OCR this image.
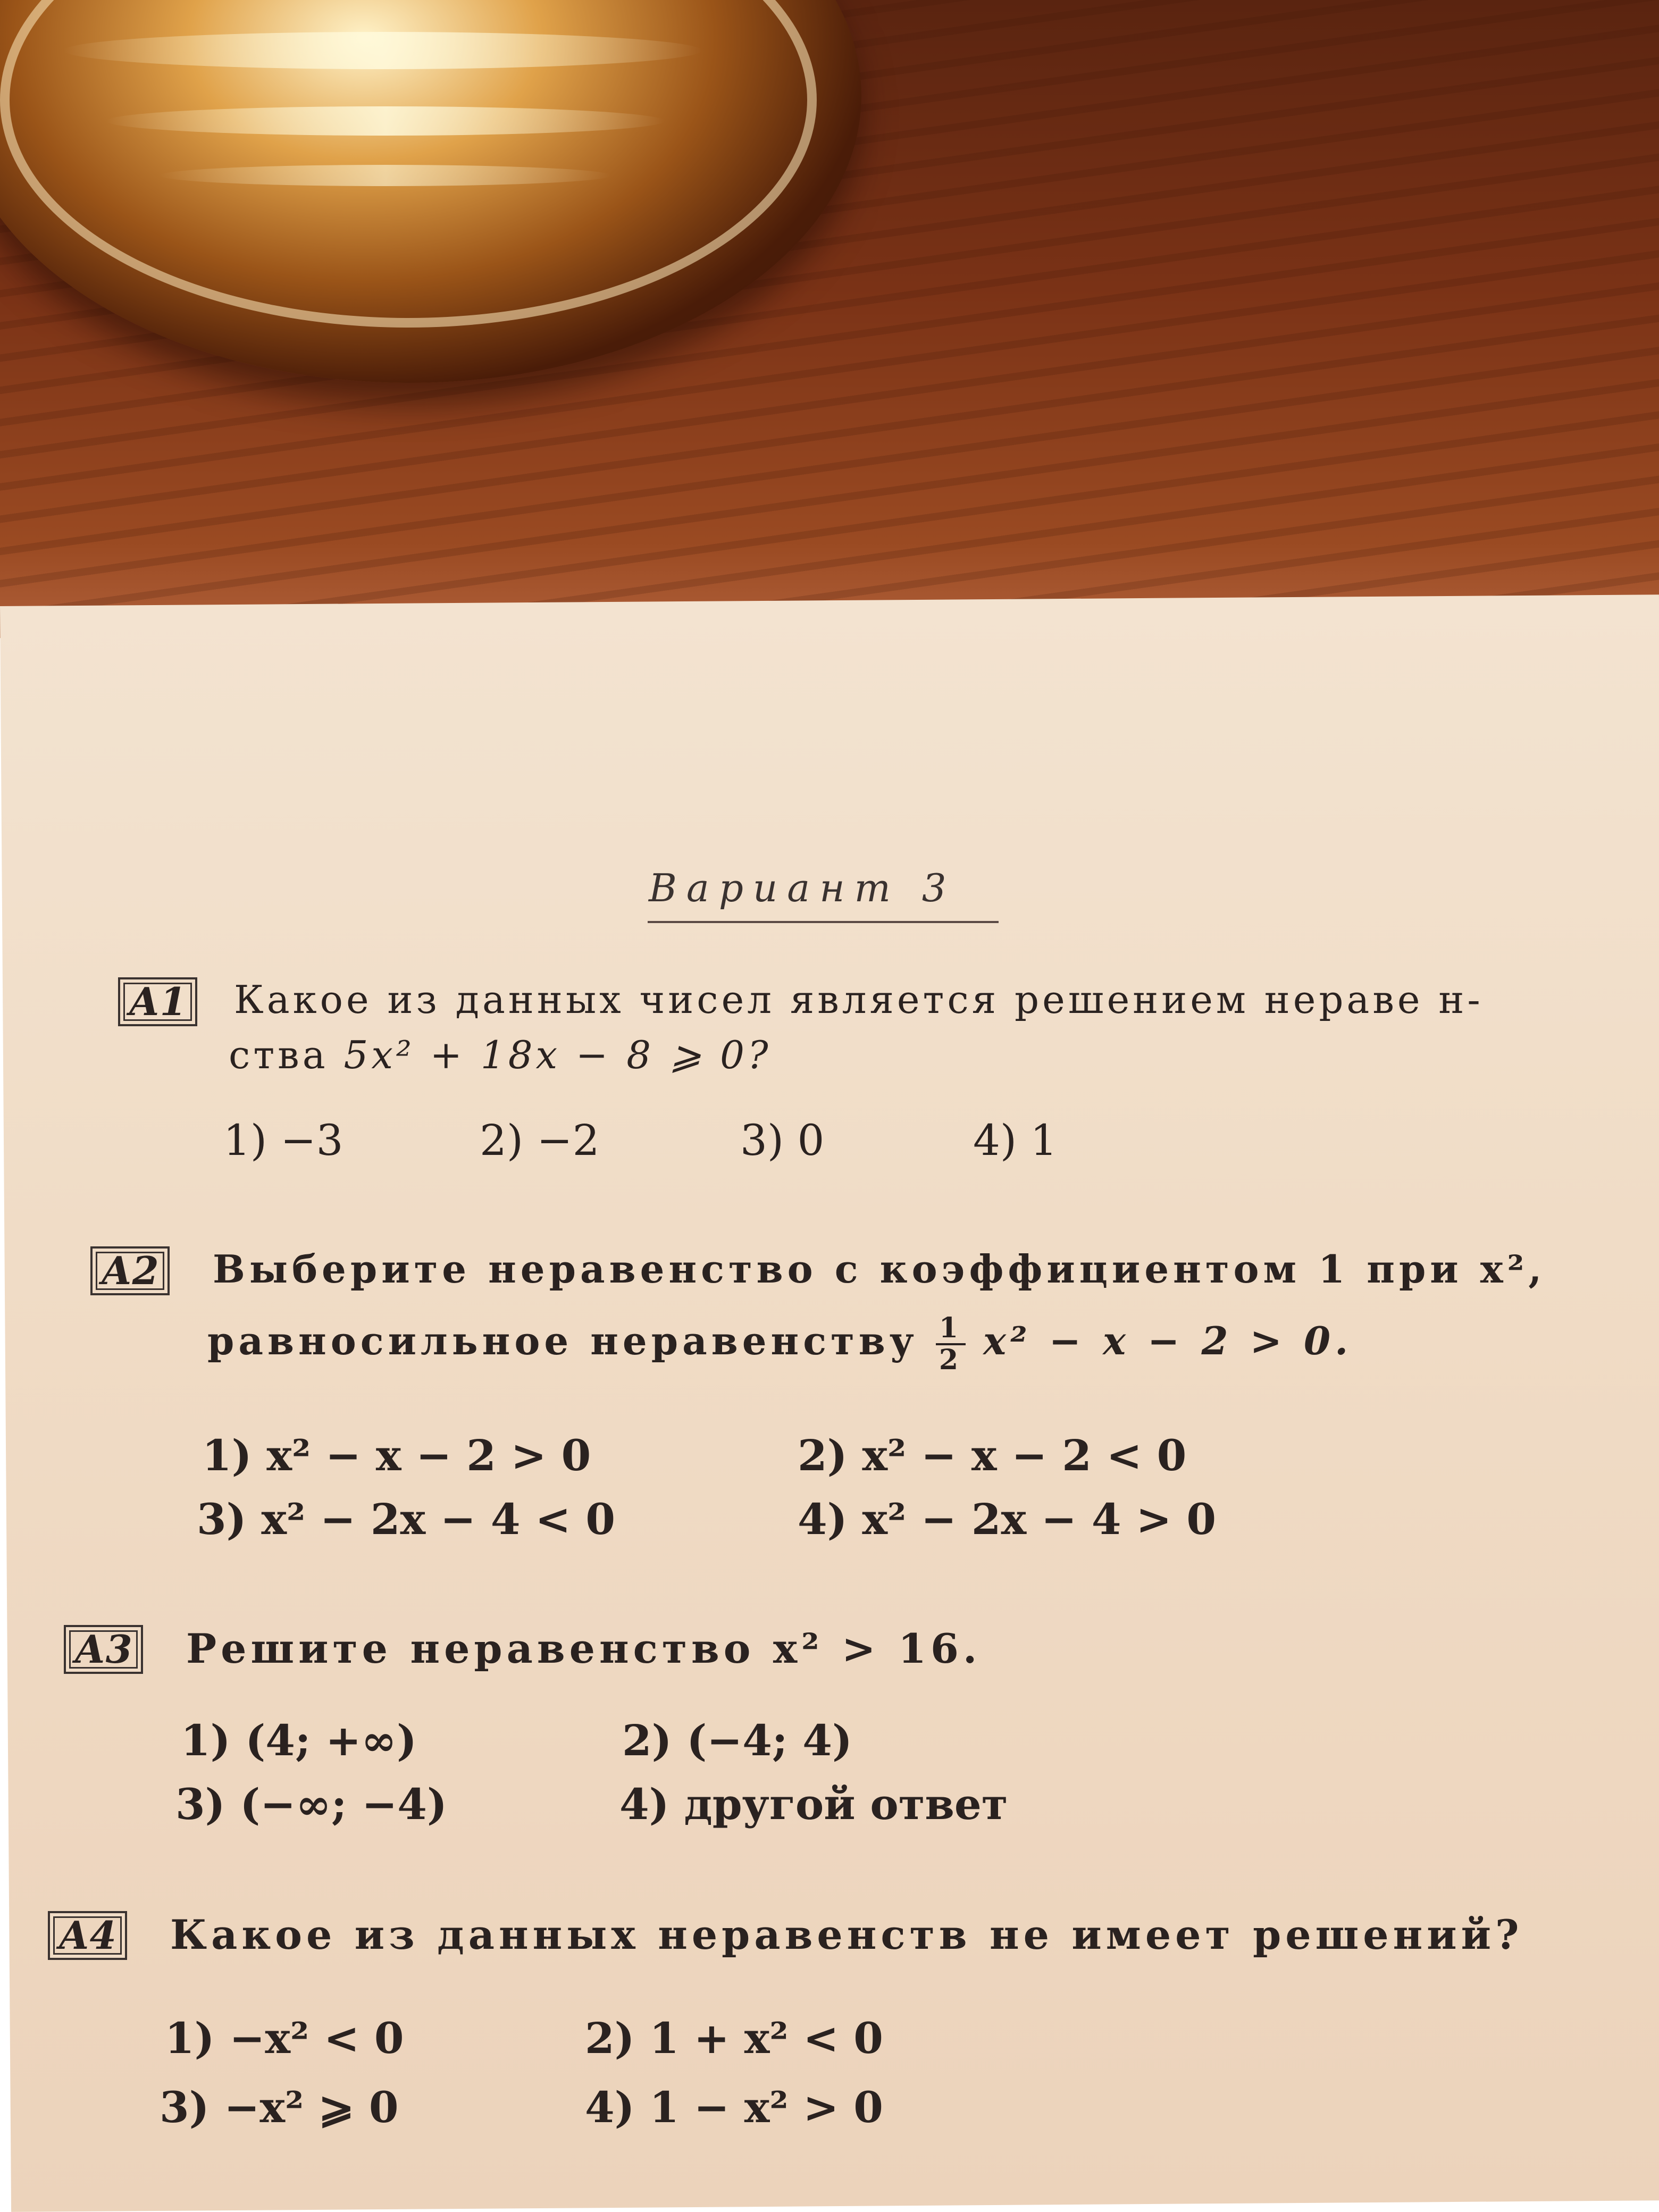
Вариант 3
А1 Какое из данных чисел является решением нераве н-
ства 5x² + 18x − 8 ⩾ 0?
1) −3	2) −2	3) 0	4) 1
А2 Выберите неравенство с коэффициентом 1 при x²,
равносильное неравенству $\frac{1}{2} x^2 - x - 2 > 0$.
1) x² − x − 2 > 0	2) x² − x − 2 < 0
3) x² − 2x − 4 < 0	4) x² − 2x − 4 > 0
А3 Решите неравенство x² > 16.
1) (4; +∞)	2) (−4; 4)
3) (−∞; −4)	4) другой ответ
А4 Какое из данных неравенств не имеет решений?
1) −x² < 0	2) 1 + x² < 0
3) −x² ⩾ 0	4) 1 − x² > 0
